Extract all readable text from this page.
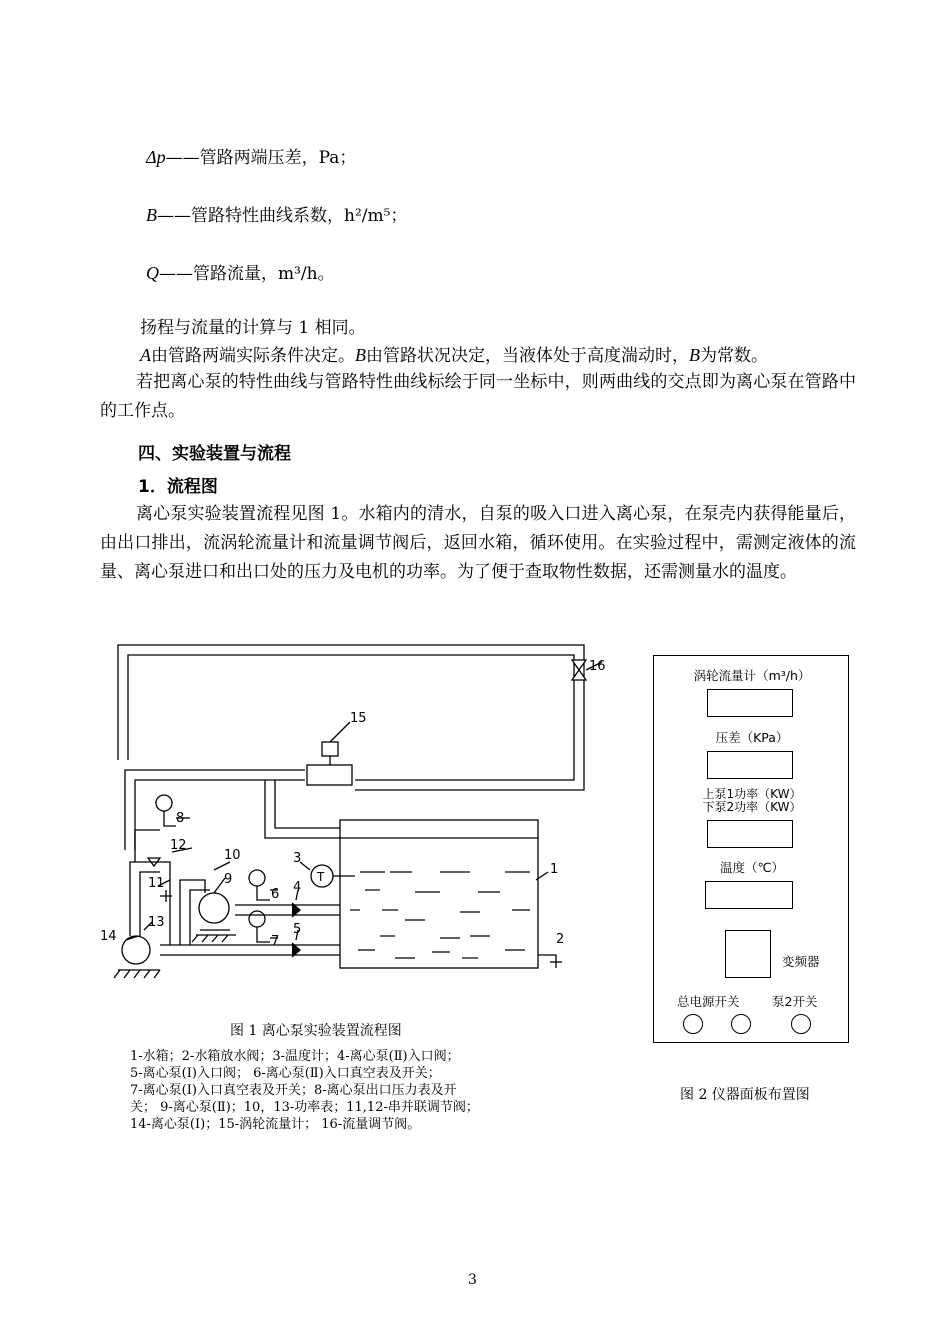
Δp——管路两端压差，Pa；
B——管路特性曲线系数，h²/m⁵；
Q——管路流量，m³/h。
扬程与流量的计算与 1 相同。
A由管路两端实际条件决定。B由管路状况决定，当液体处于高度湍动时，B为常数。
若把离心泵的特性曲线与管路特性曲线标绘于同一坐标中，则两曲线的交点即为离心泵在管路中的工作点。
四、实验装置与流程
1．流程图
离心泵实验装置流程见图 1。水箱内的清水，自泵的吸入口进入离心泵，在泵壳内获得能量后，由出口排出，流涡轮流量计和流量调节阀后，返回水箱，循环使用。在实验过程中，需测定液体的流量、离心泵进口和出口处的压力及电机的功率。为了便于查取物性数据，还需测量水的温度。
1
2
3
4
5
6
7
8
9
10
11
12
13
14
15
16
T
图 1 离心泵实验装置流程图
1-水箱；2-水箱放水阀；3-温度计；4-离心泵(Ⅱ)入口阀；
5-离心泵(Ⅰ)入口阀； 6-离心泵(Ⅱ)入口真空表及开关；
7-离心泵(Ⅰ)入口真空表及开关；8-离心泵出口压力表及开
关； 9-离心泵(Ⅱ)；10，13-功率表；11,12-串并联调节阀；
14-离心泵(Ⅰ)；15-涡轮流量计； 16-流量调节阀。
涡轮流量计（m³/h）
压差（KPa）
上泵1功率（KW）
下泵2功率（KW）
温度（℃）
变频器
总电源开关	泵2开关
图 2 仪器面板布置图
3
